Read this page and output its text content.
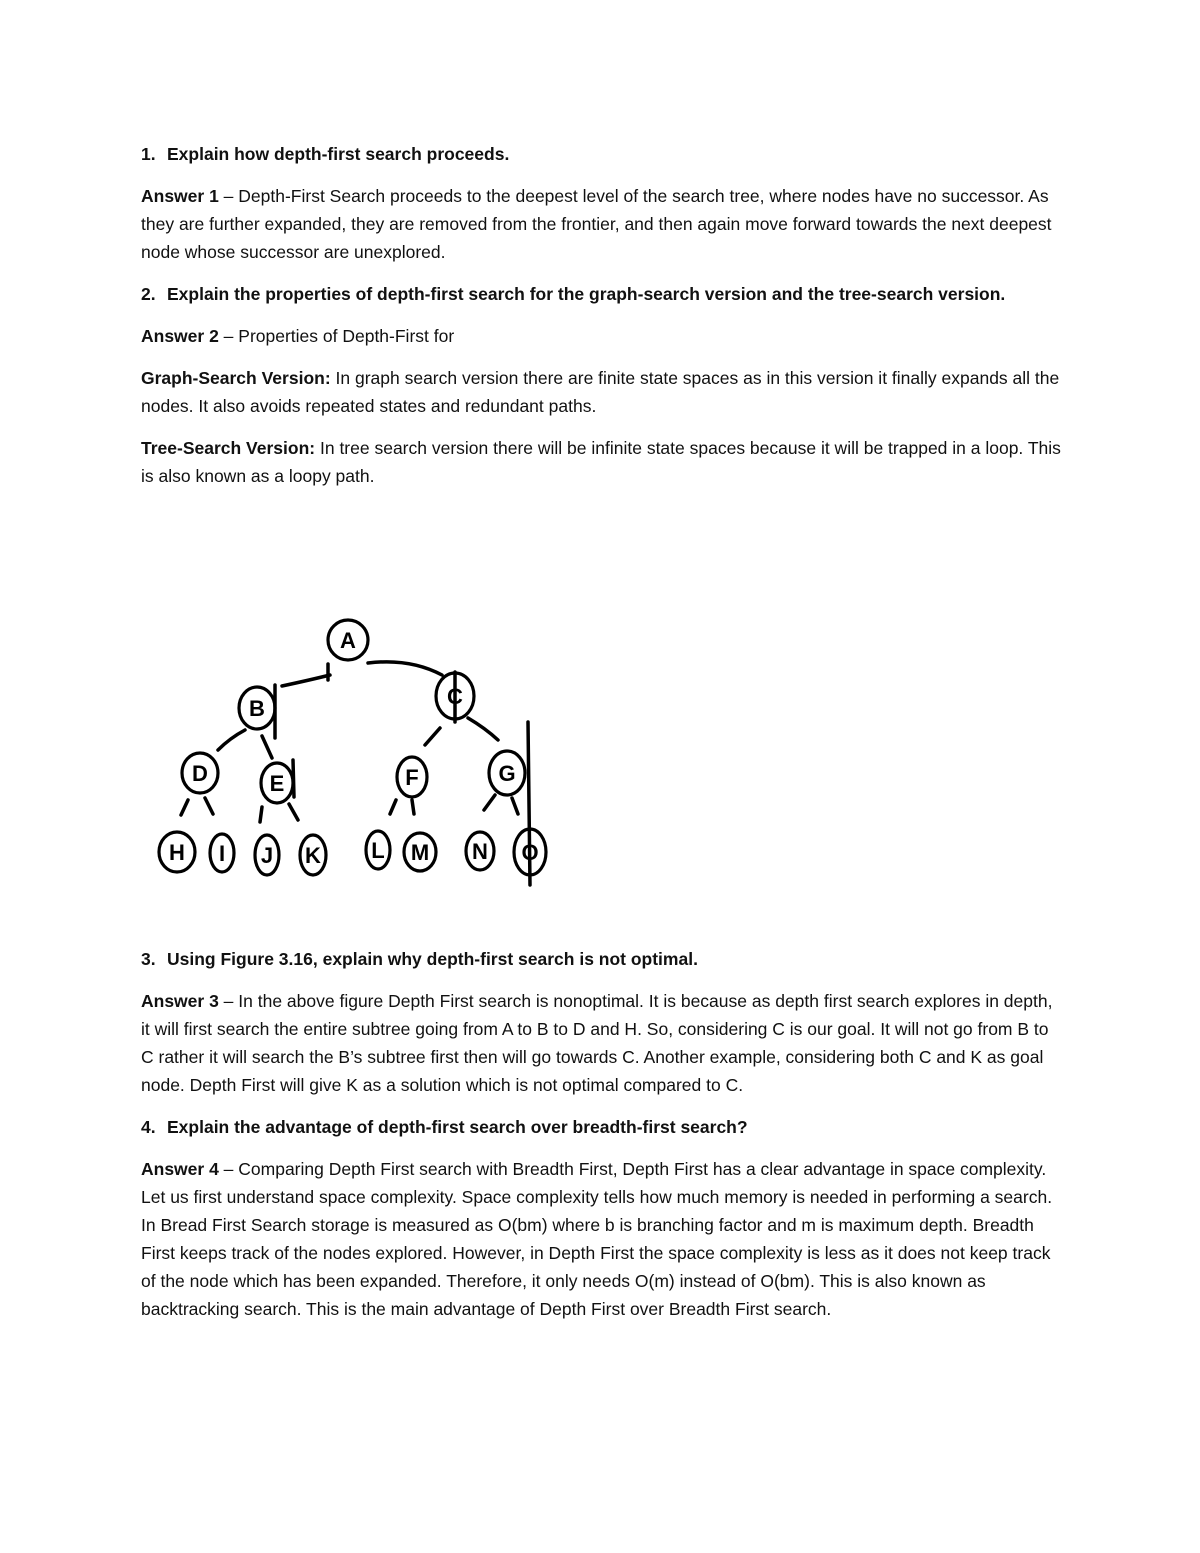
1. Explain how depth-first search proceeds.
Answer 1 – Depth-First Search proceeds to the deepest level of the search tree, where nodes have no successor. As they are further expanded, they are removed from the frontier, and then again move forward towards the next deepest node whose successor are unexplored.
2. Explain the properties of depth-first search for the graph-search version and the tree-search version.
Answer 2 – Properties of Depth-First for
Graph-Search Version: In graph search version there are finite state spaces as in this version it finally expands all the nodes. It also avoids repeated states and redundant paths.
Tree-Search Version: In tree search version there will be infinite state spaces because it will be trapped in a loop. This is also known as a loopy path.
A
B	C
D	E	F	G
H I J K L M N O
3. Using Figure 3.16, explain why depth-first search is not optimal.
Answer 3 – In the above figure Depth First search is nonoptimal. It is because as depth first search explores in depth, it will first search the entire subtree going from A to B to D and H. So, considering C is our goal. It will not go from B to C rather it will search the B’s subtree first then will go towards C. Another example, considering both C and K as goal node. Depth First will give K as a solution which is not optimal compared to C.
4. Explain the advantage of depth-first search over breadth-first search?
Answer 4 – Comparing Depth First search with Breadth First, Depth First has a clear advantage in space complexity. Let us first understand space complexity. Space complexity tells how much memory is needed in performing a search. In Bread First Search storage is measured as O(bm) where b is branching factor and m is maximum depth. Breadth First keeps track of the nodes explored. However, in Depth First the space complexity is less as it does not keep track of the node which has been expanded. Therefore, it only needs O(m) instead of O(bm). This is also known as backtracking search. This is the main advantage of Depth First over Breadth First search.
